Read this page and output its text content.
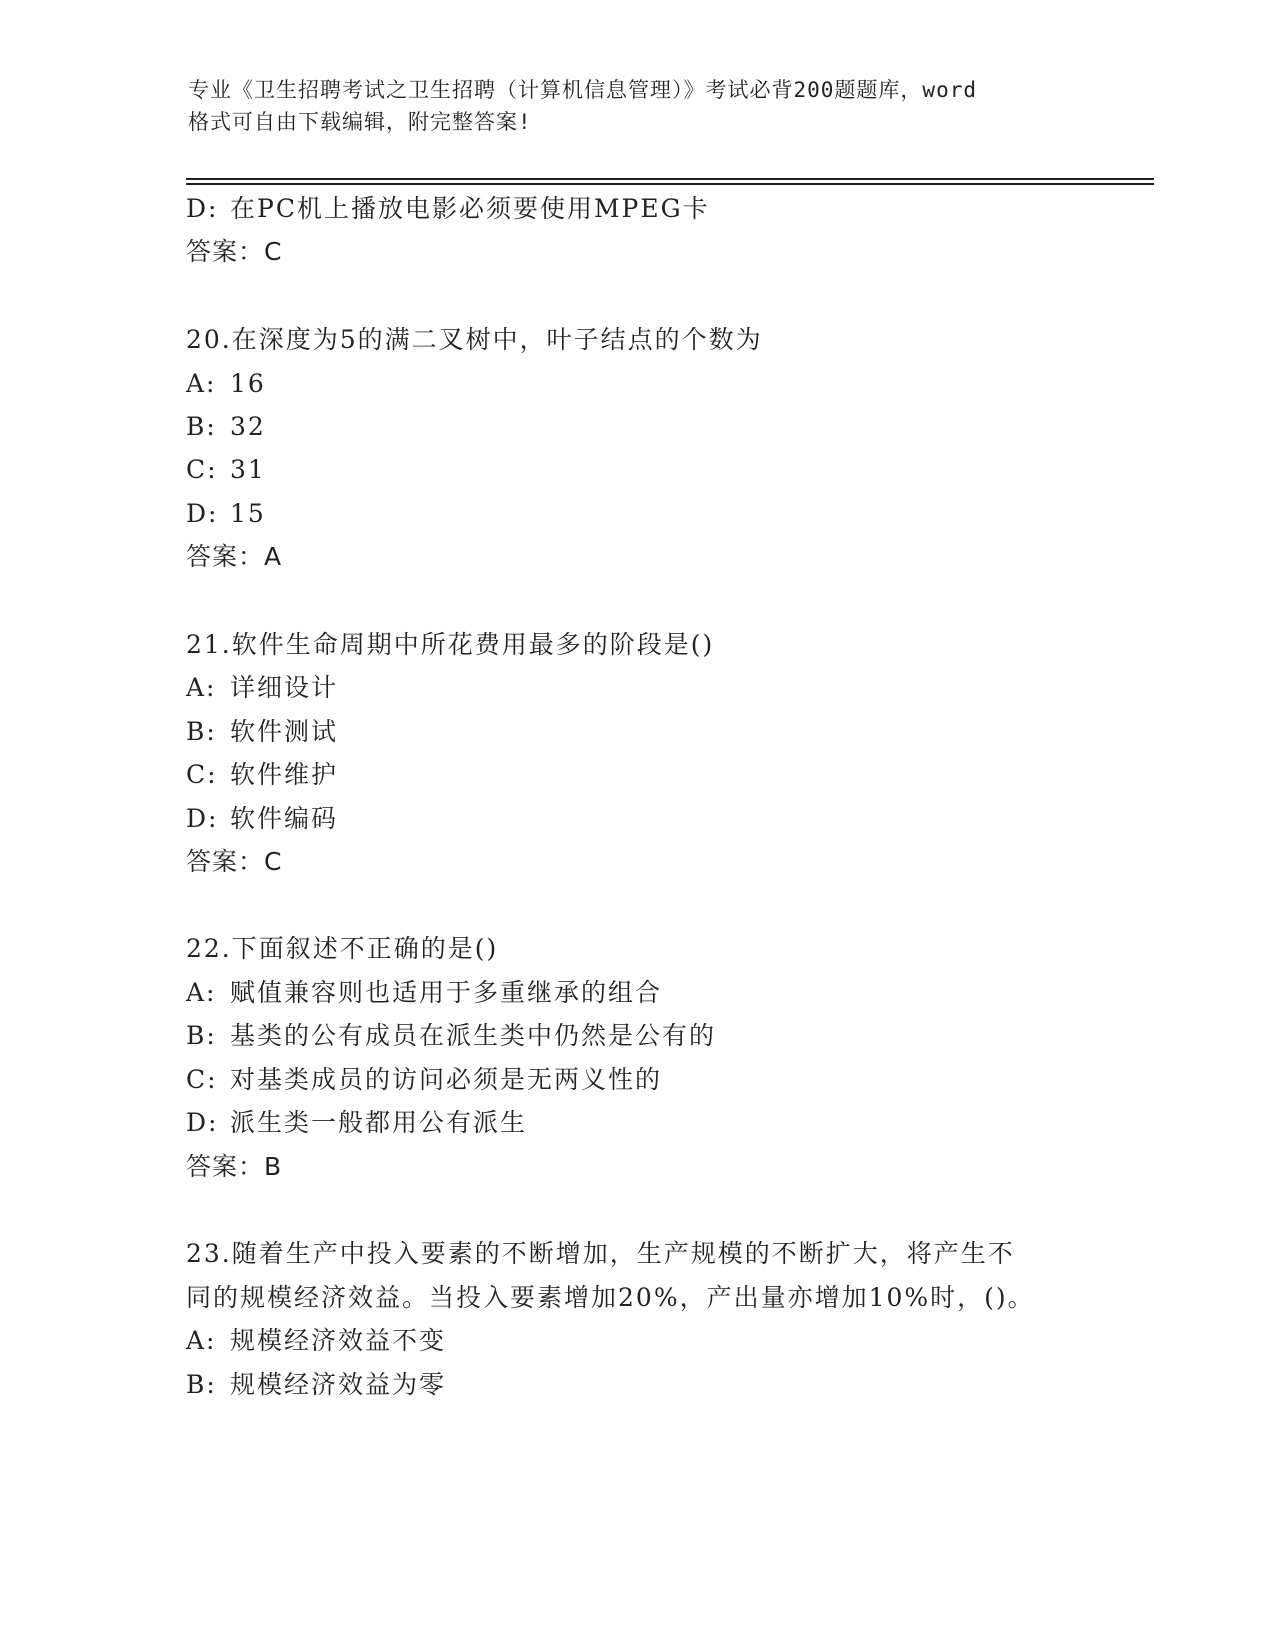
专业《卫生招聘考试之卫生招聘（计算机信息管理）》考试必背200题题库，word
格式可自由下载编辑，附完整答案!
D: 在PC机上播放电影必须要使用MPEG卡
答案：C
20.在深度为5的满二叉树中，叶子结点的个数为
A: 16
B: 32
C: 31
D: 15
答案：A
21.软件生命周期中所花费用最多的阶段是()
A: 详细设计
B: 软件测试
C: 软件维护
D: 软件编码
答案：C
22.下面叙述不正确的是()
A: 赋值兼容则也适用于多重继承的组合
B: 基类的公有成员在派生类中仍然是公有的
C: 对基类成员的访问必须是无两义性的
D: 派生类一般都用公有派生
答案：B
23.随着生产中投入要素的不断增加，生产规模的不断扩大，将产生不
同的规模经济效益。当投入要素增加20%，产出量亦增加10%时，()。
A: 规模经济效益不变
B: 规模经济效益为零
